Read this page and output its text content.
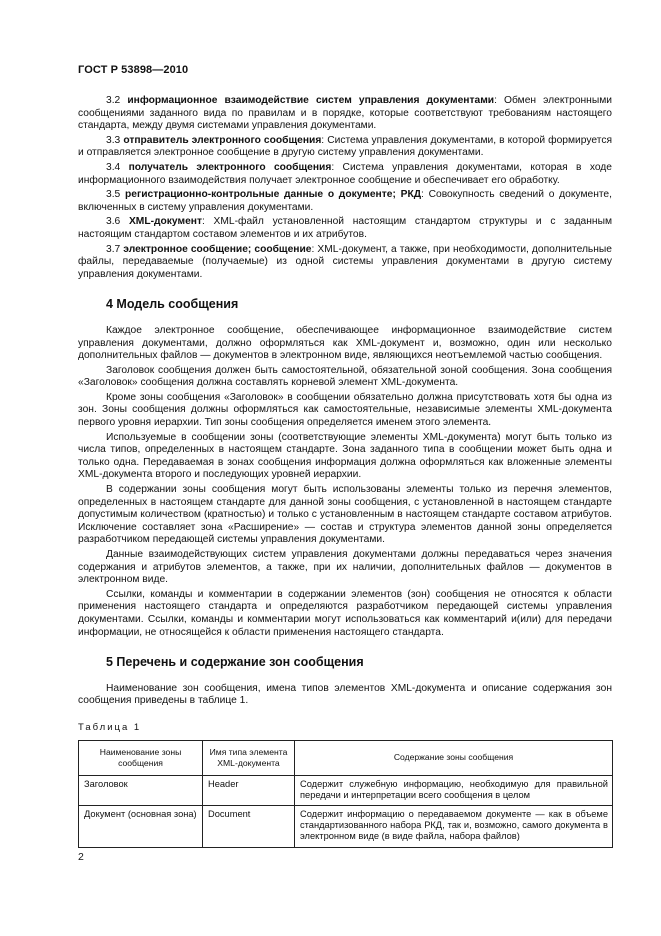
ГОСТ Р 53898—2010

3.2 информационное взаимодействие систем управления документами: Обмен электронными сообщениями заданного вида по правилам и в порядке, которые соответствуют требованиям настоящего стандарта, между двумя системами управления документами.

3.3 отправитель электронного сообщения: Система управления документами, в которой формируется и отправляется электронное сообщение в другую систему управления документами.

3.4 получатель электронного сообщения: Система управления документами, которая в ходе информационного взаимодействия получает электронное сообщение и обеспечивает его обработку.

3.5 регистрационно-контрольные данные о документе; РКД: Совокупность сведений о документе, включенных в систему управления документами.

3.6 XML-документ: XML-файл установленной настоящим стандартом структуры и с заданным настоящим стандартом составом элементов и их атрибутов.

3.7 электронное сообщение; сообщение: XML-документ, а также, при необходимости, дополнительные файлы, передаваемые (получаемые) из одной системы управления документами в другую систему управления документами.

4 Модель сообщения

Каждое электронное сообщение, обеспечивающее информационное взаимодействие систем управления документами, должно оформляться как XML-документ и, возможно, один или несколько дополнительных файлов — документов в электронном виде, являющихся неотъемлемой частью сообщения.

Заголовок сообщения должен быть самостоятельной, обязательной зоной сообщения. Зона сообщения «Заголовок» сообщения должна составлять корневой элемент XML-документа.

Кроме зоны сообщения «Заголовок» в сообщении обязательно должна присутствовать хотя бы одна из зон. Зоны сообщения должны оформляться как самостоятельные, независимые элементы XML-документа первого уровня иерархии. Тип зоны сообщения определяется именем этого элемента.

Используемые в сообщении зоны (соответствующие элементы XML-документа) могут быть только из числа типов, определенных в настоящем стандарте. Зона заданного типа в сообщении может быть одна и только одна. Передаваемая в зонах сообщения информация должна оформляться как вложенные элементы XML-документа второго и последующих уровней иерархии.

В содержании зоны сообщения могут быть использованы элементы только из перечня элементов, определенных в настоящем стандарте для данной зоны сообщения, с установленной в настоящем стандарте допустимым количеством (кратностью) и только с установленным в настоящем стандарте составом атрибутов. Исключение составляет зона «Расширение» — состав и структура элементов данной зоны определяется разработчиком передающей системы управления документами.

Данные взаимодействующих систем управления документами должны передаваться через значения содержания и атрибутов элементов, а также, при их наличии, дополнительных файлов — документов в электронном виде.

Ссылки, команды и комментарии в содержании элементов (зон) сообщения не относятся к области применения настоящего стандарта и определяются разработчиком передающей системы управления документами. Ссылки, команды и комментарии могут использоваться как комментарий и(или) для передачи информации, не относящейся к области применения настоящего стандарта.

5 Перечень и содержание зон сообщения

Наименование зон сообщения, имена типов элементов XML-документа и описание содержания зон сообщения приведены в таблице 1.

Таблица 1
Наименование зоны сообщения	Имя типа элемента XML-документа	Содержание зоны сообщения
Заголовок	Header	Содержит служебную информацию, необходимую для правильной передачи и интерпретации всего сообщения в целом
Документ (основная зона)	Document	Содержит информацию о передаваемом документе — как в объеме стандартизованного набора РКД, так и, возможно, самого документа в электронном виде (в виде файла, набора файлов)
2
